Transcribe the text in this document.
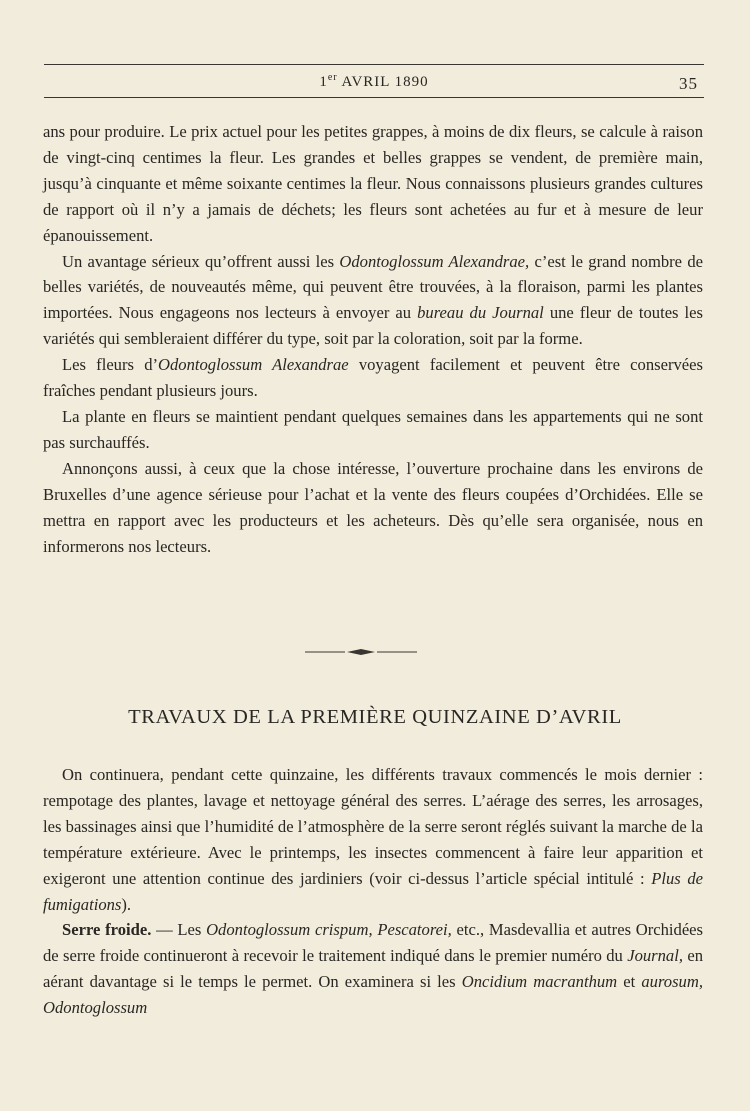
1er AVRIL 1890	35

ans pour produire. Le prix actuel pour les petites grappes, à moins de dix fleurs, se calcule à raison de vingt-cinq centimes la fleur. Les grandes et belles grappes se vendent, de première main, jusqu’à cinquante et même soixante centimes la fleur. Nous connaissons plusieurs grandes cultures de rapport où il n’y a jamais de déchets; les fleurs sont achetées au fur et à mesure de leur épanouissement.

Un avantage sérieux qu’offrent aussi les Odontoglossum Alexandrae, c’est le grand nombre de belles variétés, de nouveautés même, qui peuvent être trouvées, à la floraison, parmi les plantes importées. Nous engageons nos lecteurs à envoyer au bureau du Journal une fleur de toutes les variétés qui sembleraient différer du type, soit par la coloration, soit par la forme.

Les fleurs d’Odontoglossum Alexandrae voyagent facilement et peuvent être conservées fraîches pendant plusieurs jours.

La plante en fleurs se maintient pendant quelques semaines dans les appartements qui ne sont pas surchauffés.

Annonçons aussi, à ceux que la chose intéresse, l’ouverture prochaine dans les environs de Bruxelles d’une agence sérieuse pour l’achat et la vente des fleurs coupées d’Orchidées. Elle se mettra en rapport avec les producteurs et les acheteurs. Dès qu’elle sera organisée, nous en informerons nos lecteurs.

TRAVAUX DE LA PREMIÈRE QUINZAINE D’AVRIL

On continuera, pendant cette quinzaine, les différents travaux commencés le mois dernier : rempotage des plantes, lavage et nettoyage général des serres. L’aérage des serres, les arrosages, les bassinages ainsi que l’humidité de l’atmosphère de la serre seront réglés suivant la marche de la température extérieure. Avec le printemps, les insectes commencent à faire leur apparition et exigeront une attention continue des jardiniers (voir ci-dessus l’article spécial intitulé : Plus de fumigations).

Serre froide. — Les Odontoglossum crispum, Pescatorei, etc., Masdevallia et autres Orchidées de serre froide continueront à recevoir le traitement indiqué dans le premier numéro du Journal, en aérant davantage si le temps le permet. On examinera si les Oncidium macranthum et aurosum, Odontoglossum
